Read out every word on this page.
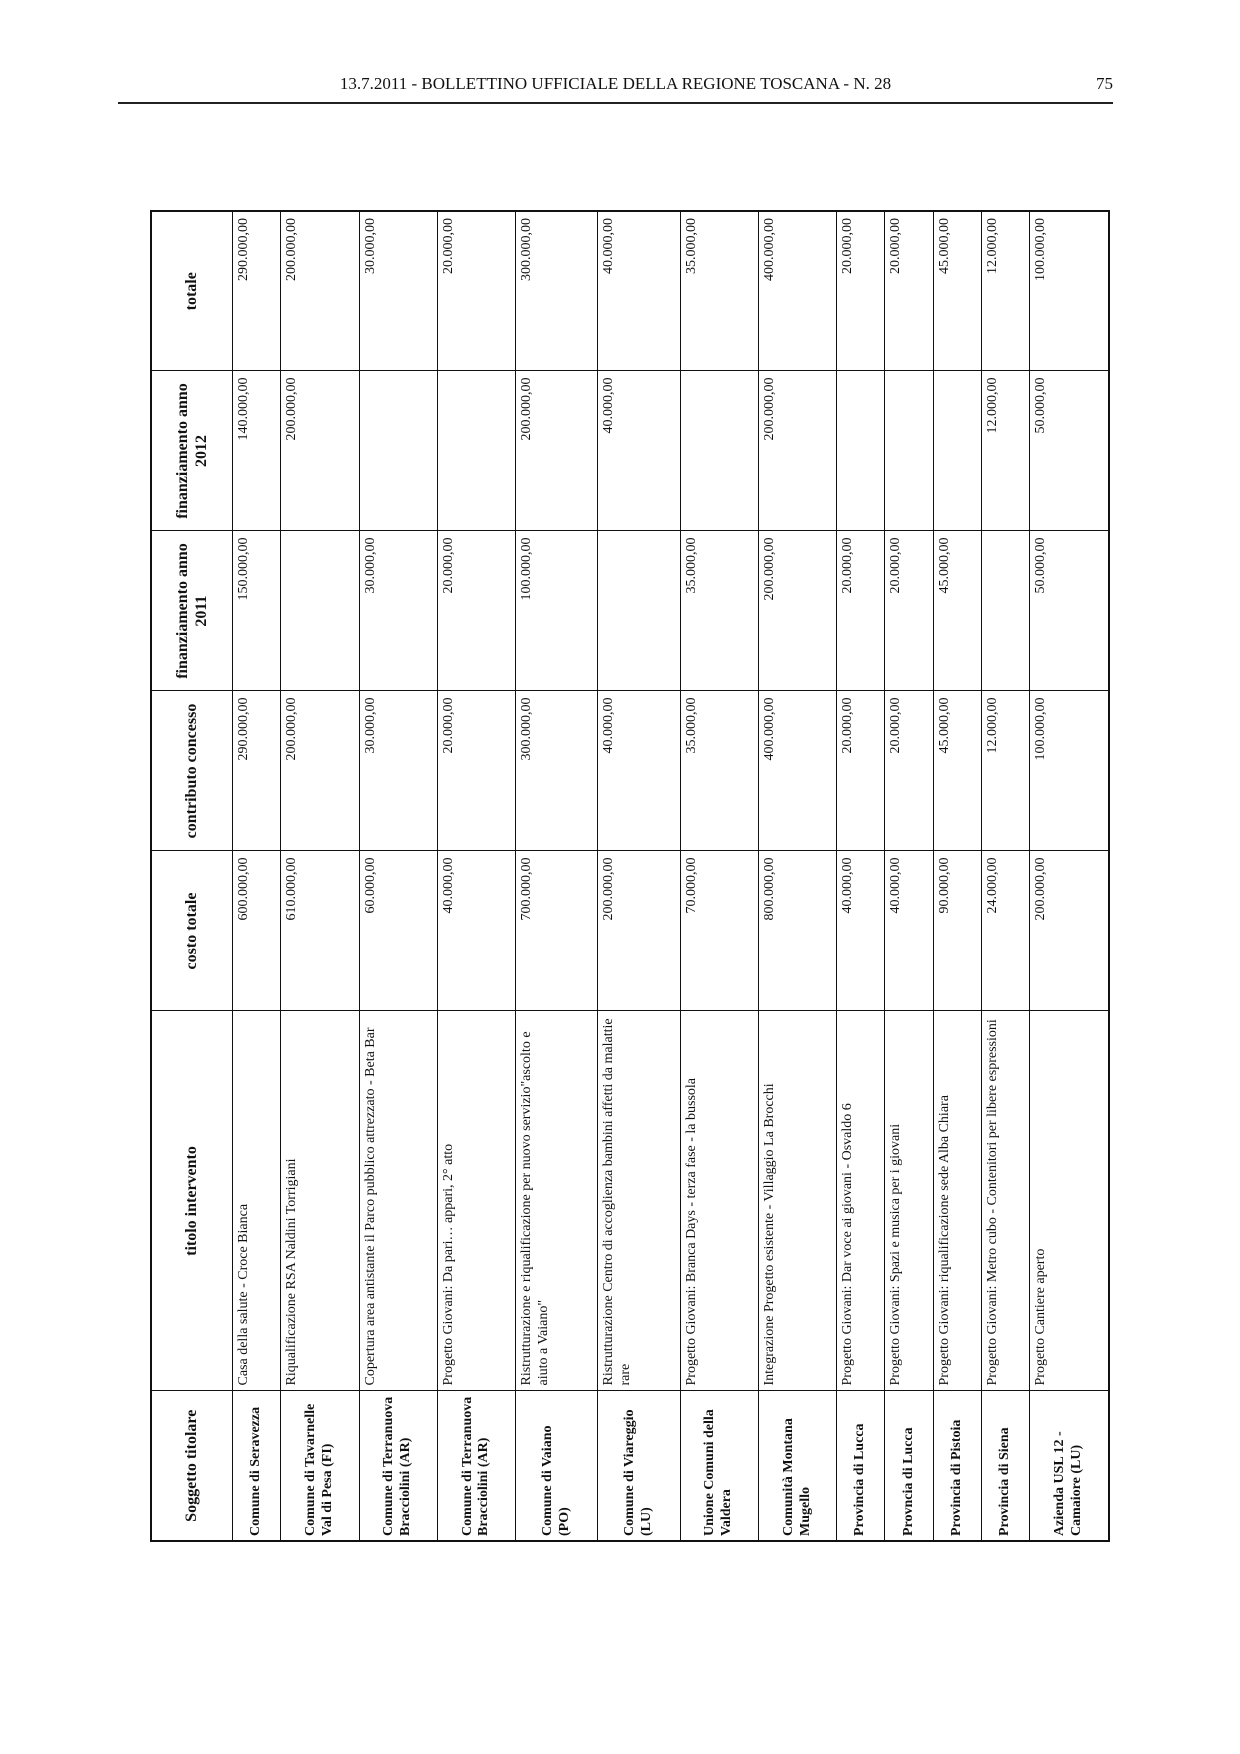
13.7.2011 - BOLLETTINO UFFICIALE DELLA REGIONE TOSCANA - N. 28	75
Soggetto titolare	titolo intervento	costo totale	contributo concesso	finanziamento anno 2011	finanziamento anno 2012	totale
Comune di Seravezza	Casa della salute - Croce Bianca	600.000,00	290.000,00	150.000,00	140.000,00	290.000,00
Comune di Tavarnelle Val di Pesa (FI)	Riqualificazione RSA Naldini Torrigiani	610.000,00	200.000,00		200.000,00	200.000,00
Comune di Terranuova Bracciolini (AR)	Copertura area antistante il Parco pubblico attrezzato - Beta Bar	60.000,00	30.000,00	30.000,00		30.000,00
Comune di Terranuova Bracciolini (AR)	Progetto Giovani: Da pari… appari, 2° atto	40.000,00	20.000,00	20.000,00		20.000,00
Comune di Vaiano (PO)	Ristrutturazione e riqualificazione per nuovo servizio"ascolto e aiuto a Vaiano"	700.000,00	300.000,00	100.000,00	200.000,00	300.000,00
Comune di Viareggio (LU)	Ristrutturazione Centro di accoglienza bambini affetti da malattie rare	200.000,00	40.000,00		40.000,00	40.000,00
Unione Comuni della Valdera	Progetto Giovani: Branca Days - terza fase - la bussola	70.000,00	35.000,00	35.000,00		35.000,00
Comunità Montana Mugello	Integrazione Progetto esistente - Villaggio La Brocchi	800.000,00	400.000,00	200.000,00	200.000,00	400.000,00
Provincia di Lucca	Progetto Giovani: Dar voce ai giovani - Osvaldo 6	40.000,00	20.000,00	20.000,00		20.000,00
Provncia di Lucca	Progetto Giovani: Spazi e musica per i giovani	40.000,00	20.000,00	20.000,00		20.000,00
Provincia di Pistoia	Progetto Giovani: riqualificazione sede Alba Chiara	90.000,00	45.000,00	45.000,00		45.000,00
Provincia di Siena	Progetto Giovani: Metro cubo - Contenitori per libere espressioni	24.000,00	12.000,00		12.000,00	12.000,00
Azienda USL 12 - Camaiore (LU)	Progetto Cantiere aperto	200.000,00	100.000,00	50.000,00	50.000,00	100.000,00
